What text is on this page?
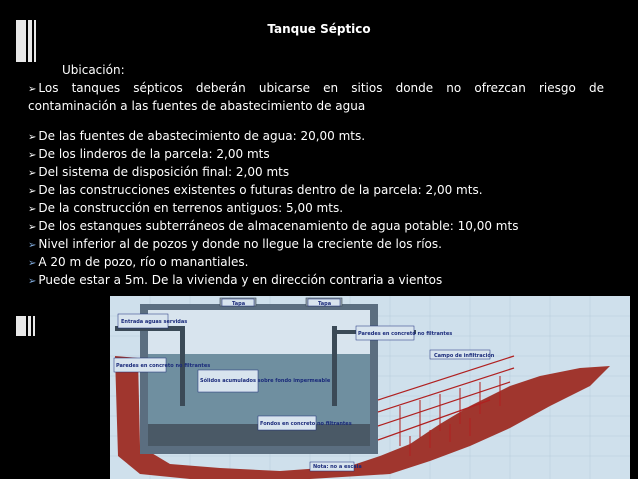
Tanque Séptico
Ubicación:
➢ Los tanques sépticos deberán ubicarse en sitios donde no ofrezcan riesgo de
contaminación a las fuentes de abastecimiento de agua
➢ De las fuentes de abastecimiento de agua: 20,00 mts.
➢ De los linderos de la parcela: 2,00 mts
➢ Del sistema de disposición final: 2,00 mts
➢ De las construcciones existentes o futuras dentro de la parcela: 2,00 mts.
➢ De la construcción en terrenos antiguos: 5,00 mts.
➢ De los estanques subterráneos de almacenamiento de agua potable: 10,00 mts
➢ Nivel inferior al de pozos y donde no llegue la creciente de los ríos.
➢ A 20 m de pozo, río o manantiales.
➢ Puede estar a 5m. De la vivienda y en dirección contraria a vientos
Tapa	Tapa
Entrada aguas servidas
Paredes en concreto no filtrantes
Paredes en concreto no filtrantes
Campo de infiltración
Sólidos acumulados sobre fondo impermeable
Fondos en concreto no filtrantes
Nota: no a escala
